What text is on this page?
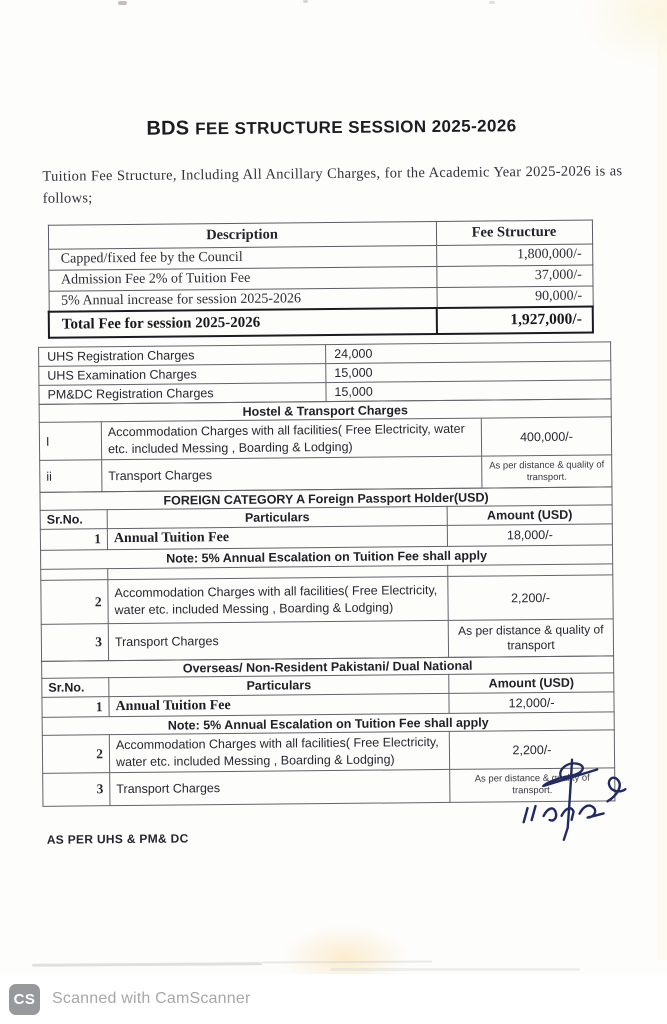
BDS FEE STRUCTURE SESSION 2025-2026

Tuition Fee Structure, Including All Ancillary Charges, for the Academic Year 2025-2026 is as follows;

Description	Fee Structure
Capped/fixed fee by the Council	1,800,000/-
Admission Fee 2% of Tuition Fee	37,000/-
5% Annual increase for session 2025-2026	90,000/-
Total Fee for session 2025-2026	1,927,000/-
UHS Registration Charges	24,000
UHS Examination Charges	15,000
PM&DC Registration Charges	15,000
Hostel & Transport Charges		
I	Accommodation Charges with all facilities( Free Electricity, water etc. included Messing , Boarding & Lodging)	400,000/-
ii	Transport Charges	As per distance & quality of transport.
FOREIGN CATEGORY A Foreign Passport Holder(USD)		
Sr.No.	Particulars	Amount (USD)
1	Annual Tuition Fee	18,000/-
Note: 5% Annual Escalation on Tuition Fee shall apply		

2	Accommodation Charges with all facilities( Free Electricity, water etc. included Messing , Boarding & Lodging)	2,200/-
3	Transport Charges	As per distance & quality of transport
Overseas/ Non-Resident Pakistani/ Dual National		
Sr.No.	Particulars	Amount (USD)
1	Annual Tuition Fee	12,000/-
Note: 5% Annual Escalation on Tuition Fee shall apply		
2	Accommodation Charges with all facilities( Free Electricity, water etc. included Messing , Boarding & Lodging)	2,200/-
3	Transport Charges	As per distance & quality of transport.
AS PER UHS & PM& DC
CS Scanned with CamScanner
